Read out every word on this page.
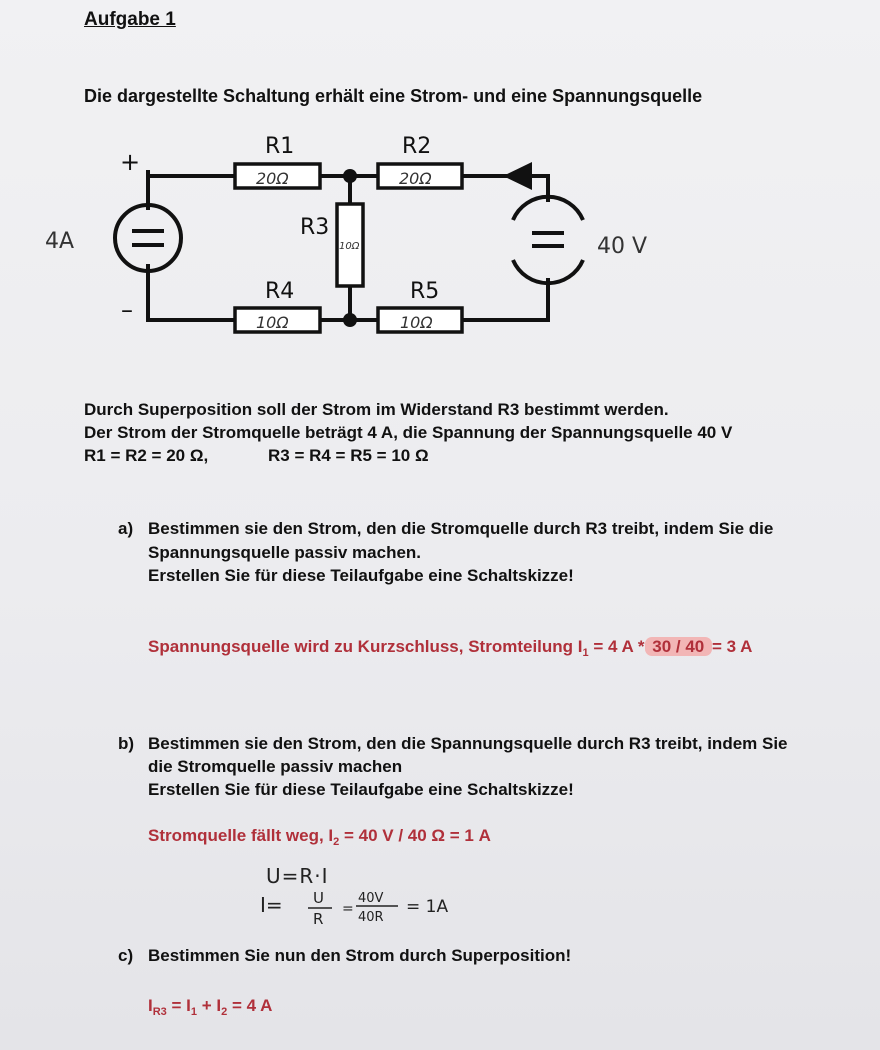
Aufgabe 1
Die dargestellte Schaltung erhält eine Strom- und eine Spannungsquelle
R1	R2
R3
R4	R5
20Ω	20Ω
10Ω
10Ω	10Ω
+
–
4A	40 V
Durch Superposition soll der Strom im Widerstand R3 bestimmt werden.
Der Strom der Stromquelle beträgt 4 A, die Spannung der Spannungsquelle 40 V
R1 = R2 = 20 Ω,	R3 = R4 = R5 = 10 Ω
a) Bestimmen sie den Strom, den die Stromquelle durch R3 treibt, indem Sie die
Spannungsquelle passiv machen.
Erstellen Sie für diese Teilaufgabe eine Schaltskizze!
Spannungsquelle wird zu Kurzschluss, Stromteilung $I_1 = 4$ A * 30 / 40 = 3 A
b) Bestimmen sie den Strom, den die Spannungsquelle durch R3 treibt, indem Sie
die Stromquelle passiv machen
Erstellen Sie für diese Teilaufgabe eine Schaltskizze!
Stromquelle fällt weg, $I_2 = 40$ V / 40 Ω = 1 A
U=R·I
I= U
R
=
40V
40R
= 1A
c) Bestimmen Sie nun den Strom durch Superposition!
$I_{R3} = I_1 + I_2 = 4$ A
